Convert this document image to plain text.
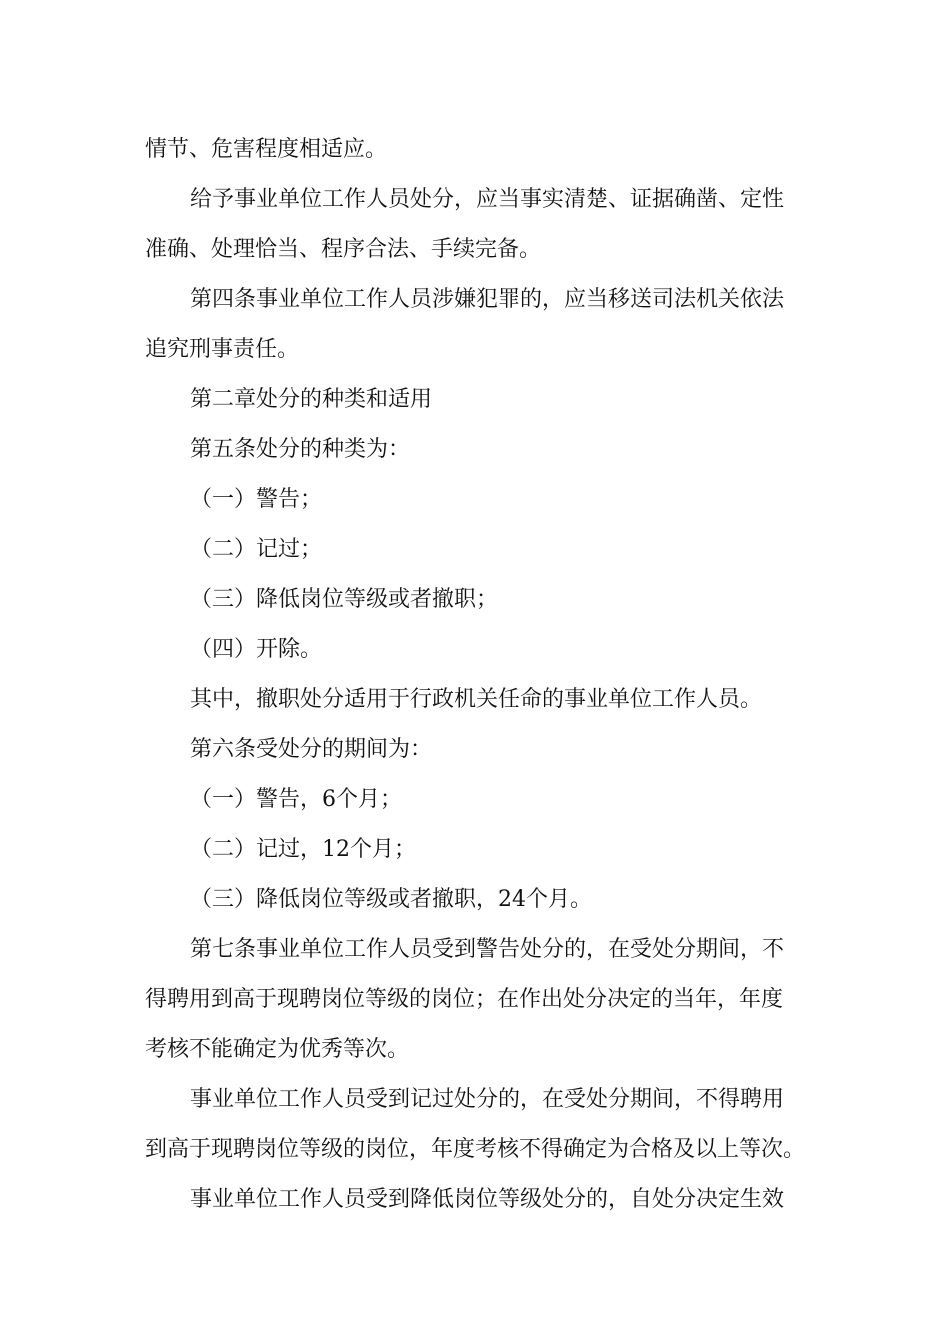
情节、危害程度相适应。
给予事业单位工作人员处分，应当事实清楚、证据确凿、定性
准确、处理恰当、程序合法、手续完备。
第四条事业单位工作人员涉嫌犯罪的，应当移送司法机关依法
追究刑事责任。
第二章处分的种类和适用
第五条处分的种类为：
（一）警告；
（二）记过；
（三）降低岗位等级或者撤职；
（四）开除。
其中，撤职处分适用于行政机关任命的事业单位工作人员。
第六条受处分的期间为：
（一）警告，6个月；
（二）记过，12个月；
（三）降低岗位等级或者撤职，24个月。
第七条事业单位工作人员受到警告处分的，在受处分期间，不
得聘用到高于现聘岗位等级的岗位；在作出处分决定的当年，年度
考核不能确定为优秀等次。
事业单位工作人员受到记过处分的，在受处分期间，不得聘用
到高于现聘岗位等级的岗位，年度考核不得确定为合格及以上等次。
事业单位工作人员受到降低岗位等级处分的，自处分决定生效
